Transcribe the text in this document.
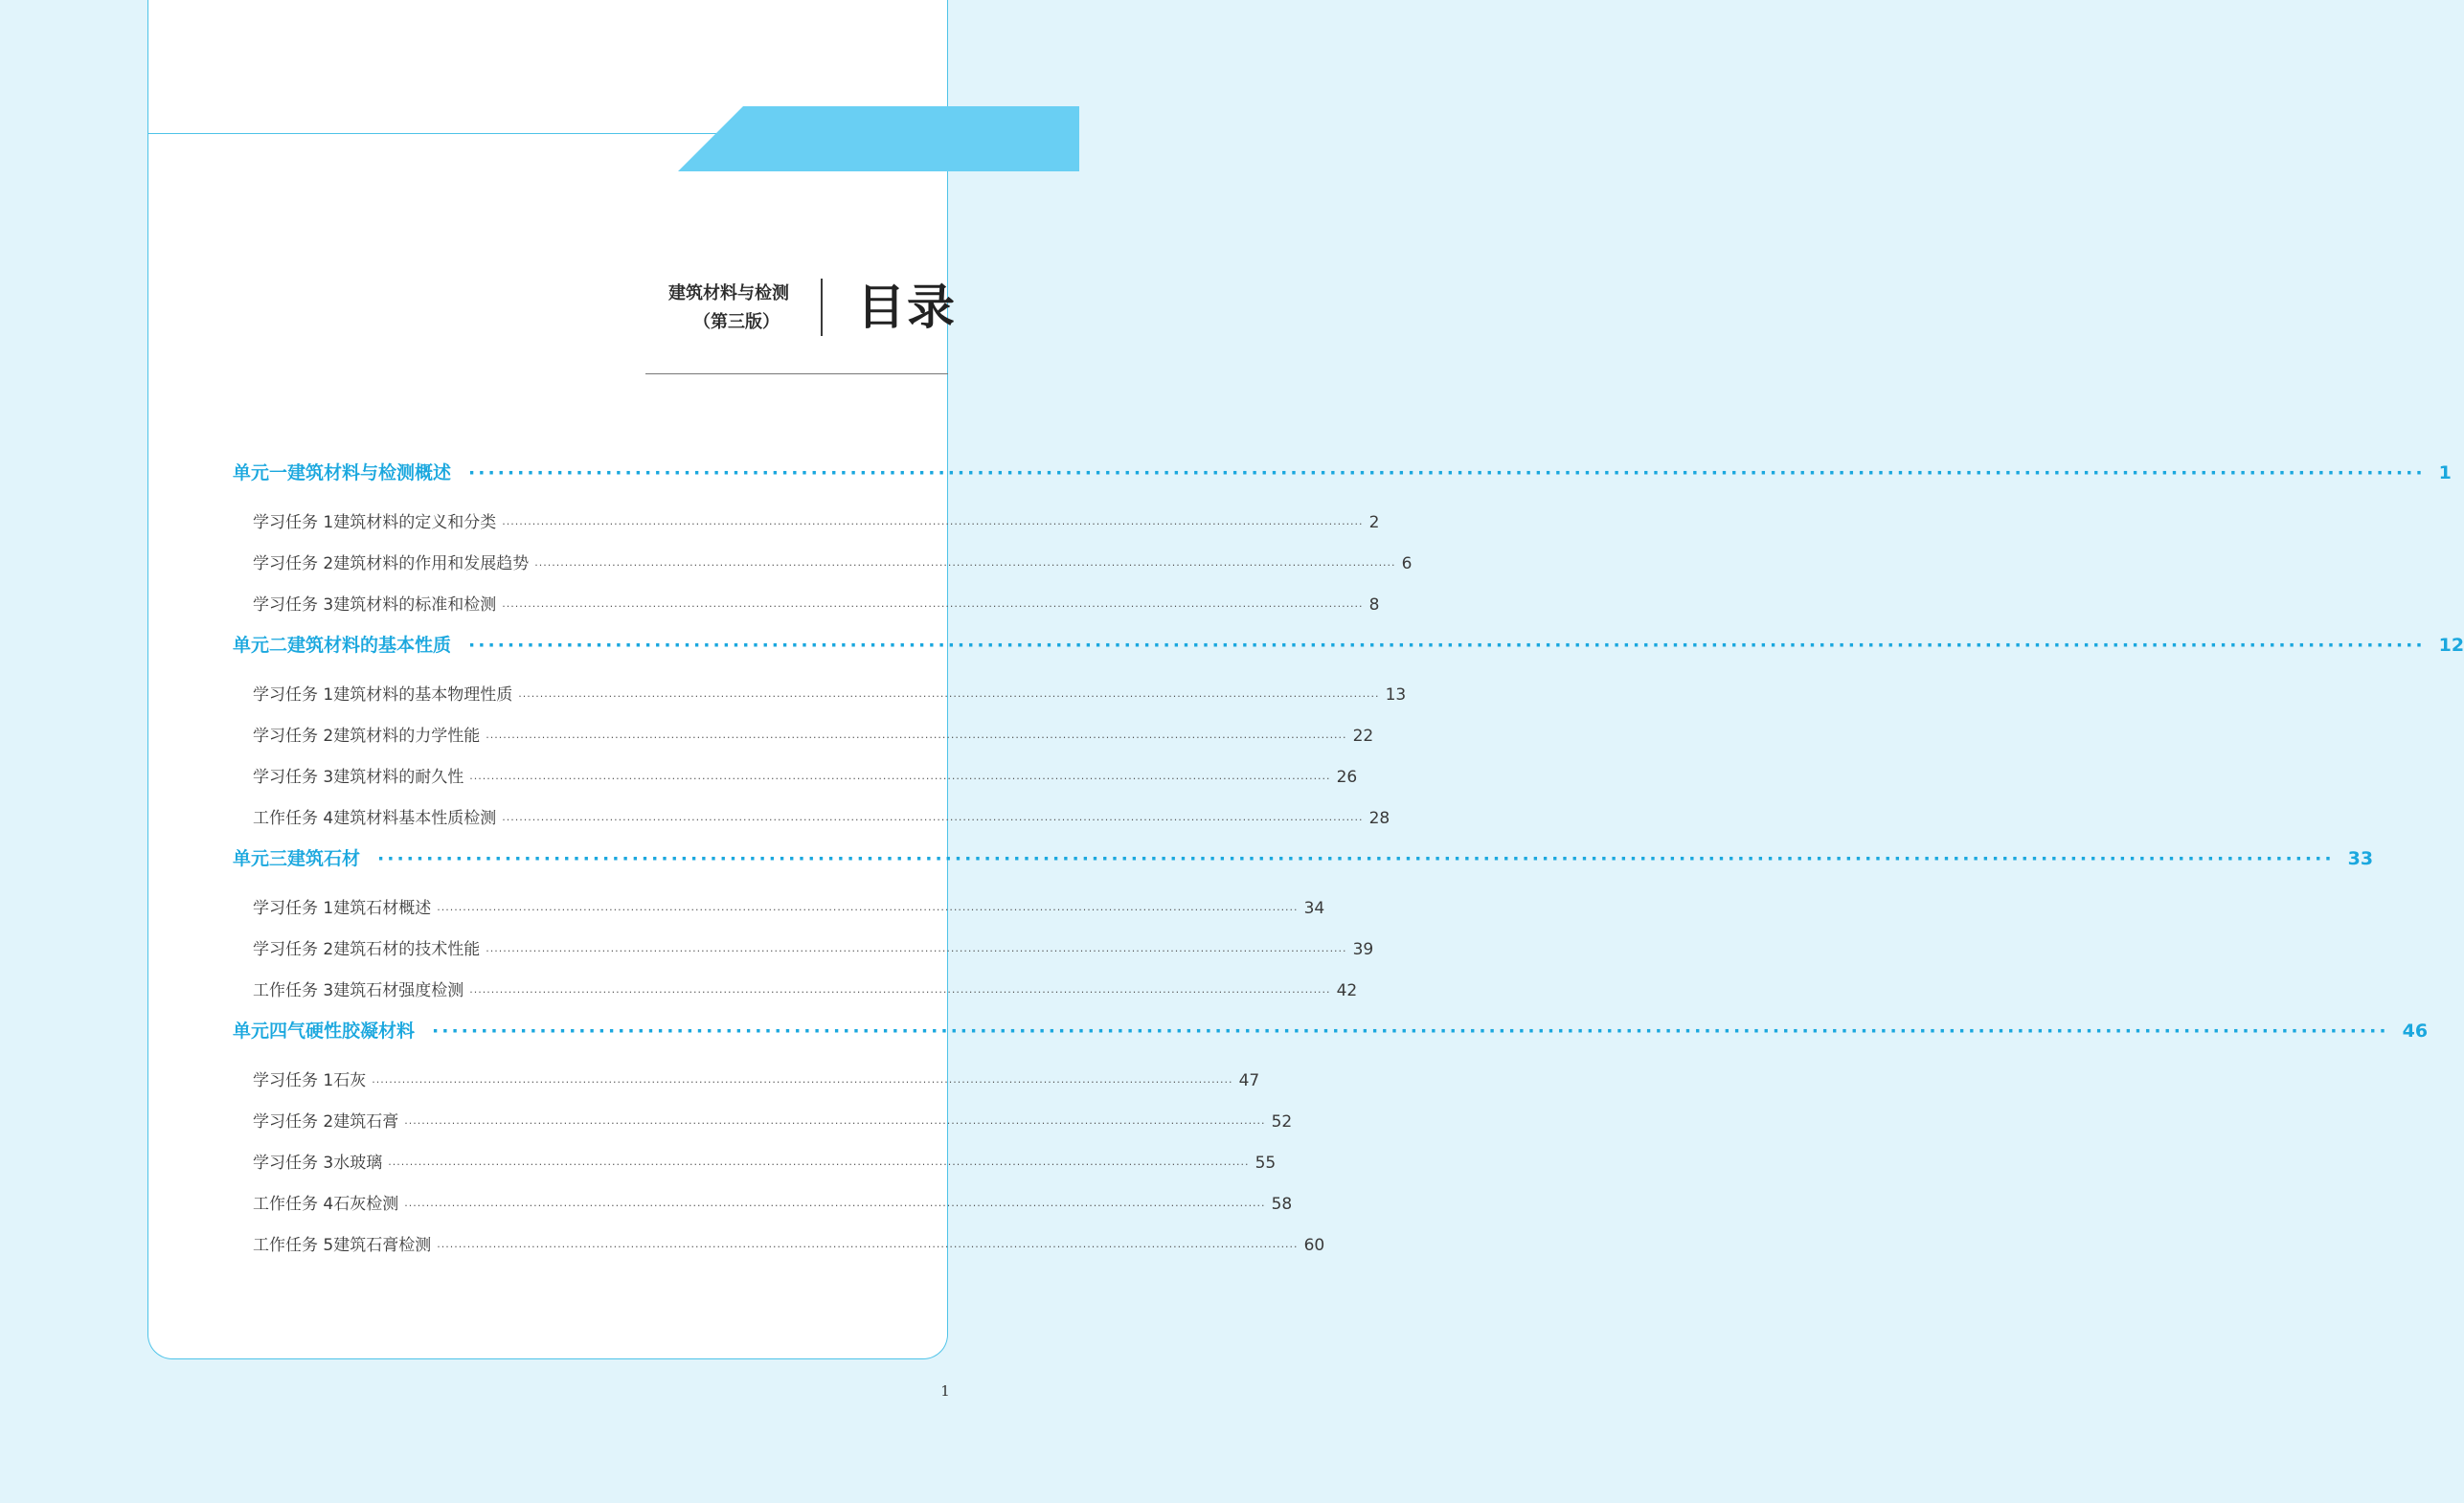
建筑材料与检测
（第三版） 目录
单元一 建筑材料与检测概述 ········································································································································································································ 1
学习任务 1 建筑材料的定义和分类 ········································································································································································································ 2
学习任务 2 建筑材料的作用和发展趋势 ········································································································································································································ 6
学习任务 3 建筑材料的标准和检测 ········································································································································································································ 8
单元二 建筑材料的基本性质 ········································································································································································································ 12
学习任务 1 建筑材料的基本物理性质 ········································································································································································································ 13
学习任务 2 建筑材料的力学性能 ········································································································································································································ 22
学习任务 3 建筑材料的耐久性 ········································································································································································································ 26
工作任务 4 建筑材料基本性质检测 ········································································································································································································ 28
单元三 建筑石材 ········································································································································································································ 33
学习任务 1 建筑石材概述 ········································································································································································································ 34
学习任务 2 建筑石材的技术性能 ········································································································································································································ 39
工作任务 3 建筑石材强度检测 ········································································································································································································ 42
单元四 气硬性胶凝材料 ········································································································································································································ 46
学习任务 1 石灰 ········································································································································································································ 47
学习任务 2 建筑石膏 ········································································································································································································ 52
学习任务 3 水玻璃 ········································································································································································································ 55
工作任务 4 石灰检测 ········································································································································································································ 58
工作任务 5 建筑石膏检测 ········································································································································································································ 60
1
